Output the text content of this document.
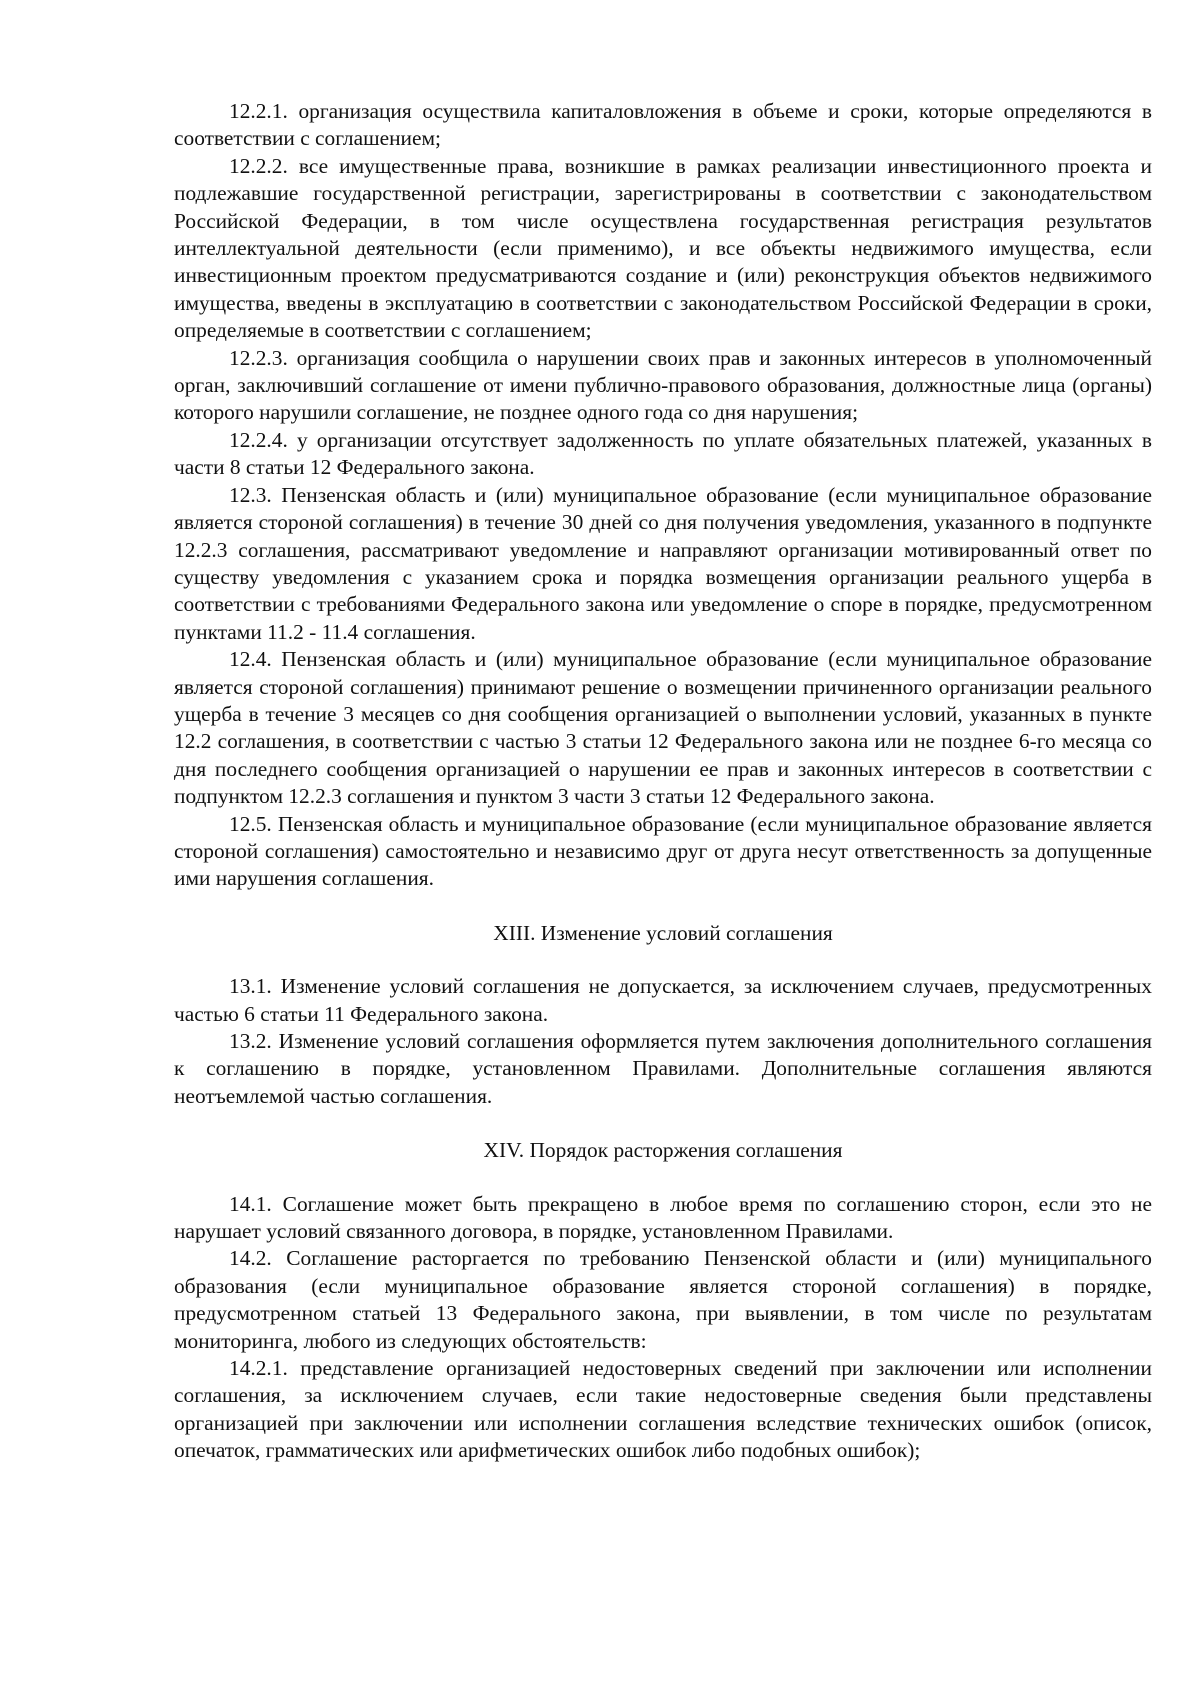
12.2.1. организация осуществила капиталовложения в объеме и сроки, которые определяются в соответствии с соглашением;

12.2.2. все имущественные права, возникшие в рамках реализации инвестиционного проекта и подлежавшие государственной регистрации, зарегистрированы в соответствии с законодательством Российской Федерации, в том числе осуществлена государственная регистрация результатов интеллектуальной деятельности (если применимо), и все объекты недвижимого имущества, если инвестиционным проектом предусматриваются создание и (или) реконструкция объектов недвижимого имущества, введены в эксплуатацию в соответствии с законодательством Российской Федерации в сроки, определяемые в соответствии с соглашением;

12.2.3. организация сообщила о нарушении своих прав и законных интересов в уполномоченный орган, заключивший соглашение от имени публично-правового образования, должностные лица (органы) которого нарушили соглашение, не позднее одного года со дня нарушения;

12.2.4. у организации отсутствует задолженность по уплате обязательных платежей, указанных в части 8 статьи 12 Федерального закона.

12.3. Пензенская область и (или) муниципальное образование (если муниципальное образование является стороной соглашения) в течение 30 дней со дня получения уведомления, указанного в подпункте 12.2.3 соглашения, рассматривают уведомление и направляют организации мотивированный ответ по существу уведомления с указанием срока и порядка возмещения организации реального ущерба в соответствии с требованиями Федерального закона или уведомление о споре в порядке, предусмотренном пунктами 11.2 - 11.4 соглашения.

12.4. Пензенская область и (или) муниципальное образование (если муниципальное образование является стороной соглашения) принимают решение о возмещении причиненного организации реального ущерба в течение 3 месяцев со дня сообщения организацией о выполнении условий, указанных в пункте 12.2 соглашения, в соответствии с частью 3 статьи 12 Федерального закона или не позднее 6-го месяца со дня последнего сообщения организацией о нарушении ее прав и законных интересов в соответствии с подпунктом 12.2.3 соглашения и пунктом 3 части 3 статьи 12 Федерального закона.

12.5. Пензенская область и муниципальное образование (если муниципальное образование является стороной соглашения) самостоятельно и независимо друг от друга несут ответственность за допущенные ими нарушения соглашения.

XIII. Изменение условий соглашения

13.1. Изменение условий соглашения не допускается, за исключением случаев, предусмотренных частью 6 статьи 11 Федерального закона.

13.2. Изменение условий соглашения оформляется путем заключения дополнительного соглашения к соглашению в порядке, установленном Правилами. Дополнительные соглашения являются неотъемлемой частью соглашения.

XIV. Порядок расторжения соглашения

14.1. Соглашение может быть прекращено в любое время по соглашению сторон, если это не нарушает условий связанного договора, в порядке, установленном Правилами.

14.2. Соглашение расторгается по требованию Пензенской области и (или) муниципального образования (если муниципальное образование является стороной соглашения) в порядке, предусмотренном статьей 13 Федерального закона, при выявлении, в том числе по результатам мониторинга, любого из следующих обстоятельств:

14.2.1. представление организацией недостоверных сведений при заключении или исполнении соглашения, за исключением случаев, если такие недостоверные сведения были представлены организацией при заключении или исполнении соглашения вследствие технических ошибок (описок, опечаток, грамматических или арифметических ошибок либо подобных ошибок);
